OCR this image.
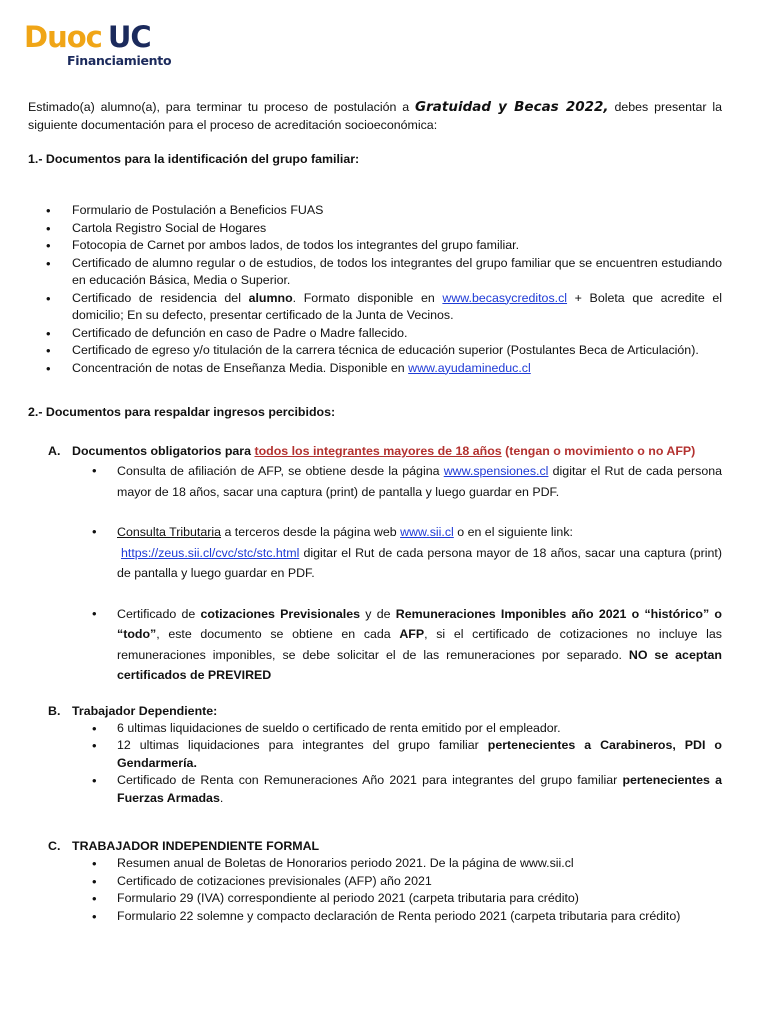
Duoc UC
Financiamiento

Estimado(a) alumno(a), para terminar tu proceso de postulación a Gratuidad y Becas 2022, debes presentar la siguiente documentación para el proceso de acreditación socioeconómica:

1.- Documentos para la identificación del grupo familiar:
• Formulario de Postulación a Beneficios FUAS
• Cartola Registro Social de Hogares
• Fotocopia de Carnet por ambos lados, de todos los integrantes del grupo familiar.
• Certificado de alumno regular o de estudios, de todos los integrantes del grupo familiar que se encuentren estudiando en educación Básica, Media o Superior.
• Certificado de residencia del alumno. Formato disponible en www.becasycreditos.cl + Boleta que acredite el domicilio; En su defecto, presentar certificado de la Junta de Vecinos.
• Certificado de defunción en caso de Padre o Madre fallecido.
• Certificado de egreso y/o titulación de la carrera técnica de educación superior (Postulantes Beca de Articulación).
• Concentración de notas de Enseñanza Media. Disponible en www.ayudamineduc.cl
2.- Documentos para respaldar ingresos percibidos:
A. Documentos obligatorios para todos los integrantes mayores de 18 años (tengan o movimiento o no AFP)
• Consulta de afiliación de AFP, se obtiene desde la página www.spensiones.cl digitar el Rut de cada persona mayor de 18 años, sacar una captura (print) de pantalla y luego guardar en PDF.
• Consulta Tributaria a terceros desde la página web www.sii.cl o en el siguiente link:
https://zeus.sii.cl/cvc/stc/stc.html digitar el Rut de cada persona mayor de 18 años, sacar una captura (print) de pantalla y luego guardar en PDF.
• Certificado de cotizaciones Previsionales y de Remuneraciones Imponibles año 2021 o “histórico” o “todo”, este documento se obtiene en cada AFP, si el certificado de cotizaciones no incluye las remuneraciones imponibles, se debe solicitar el de las remuneraciones por separado. NO se aceptan certificados de PREVIRED
B. Trabajador Dependiente:
• 6 ultimas liquidaciones de sueldo o certificado de renta emitido por el empleador.
• 12 ultimas liquidaciones para integrantes del grupo familiar pertenecientes a Carabineros, PDI o Gendarmería.
• Certificado de Renta con Remuneraciones Año 2021 para integrantes del grupo familiar pertenecientes a Fuerzas Armadas.
C. TRABAJADOR INDEPENDIENTE FORMAL
• Resumen anual de Boletas de Honorarios periodo 2021. De la página de www.sii.cl
• Certificado de cotizaciones previsionales (AFP) año 2021
• Formulario 29 (IVA) correspondiente al periodo 2021 (carpeta tributaria para crédito)
• Formulario 22 solemne y compacto declaración de Renta periodo 2021 (carpeta tributaria para crédito)
